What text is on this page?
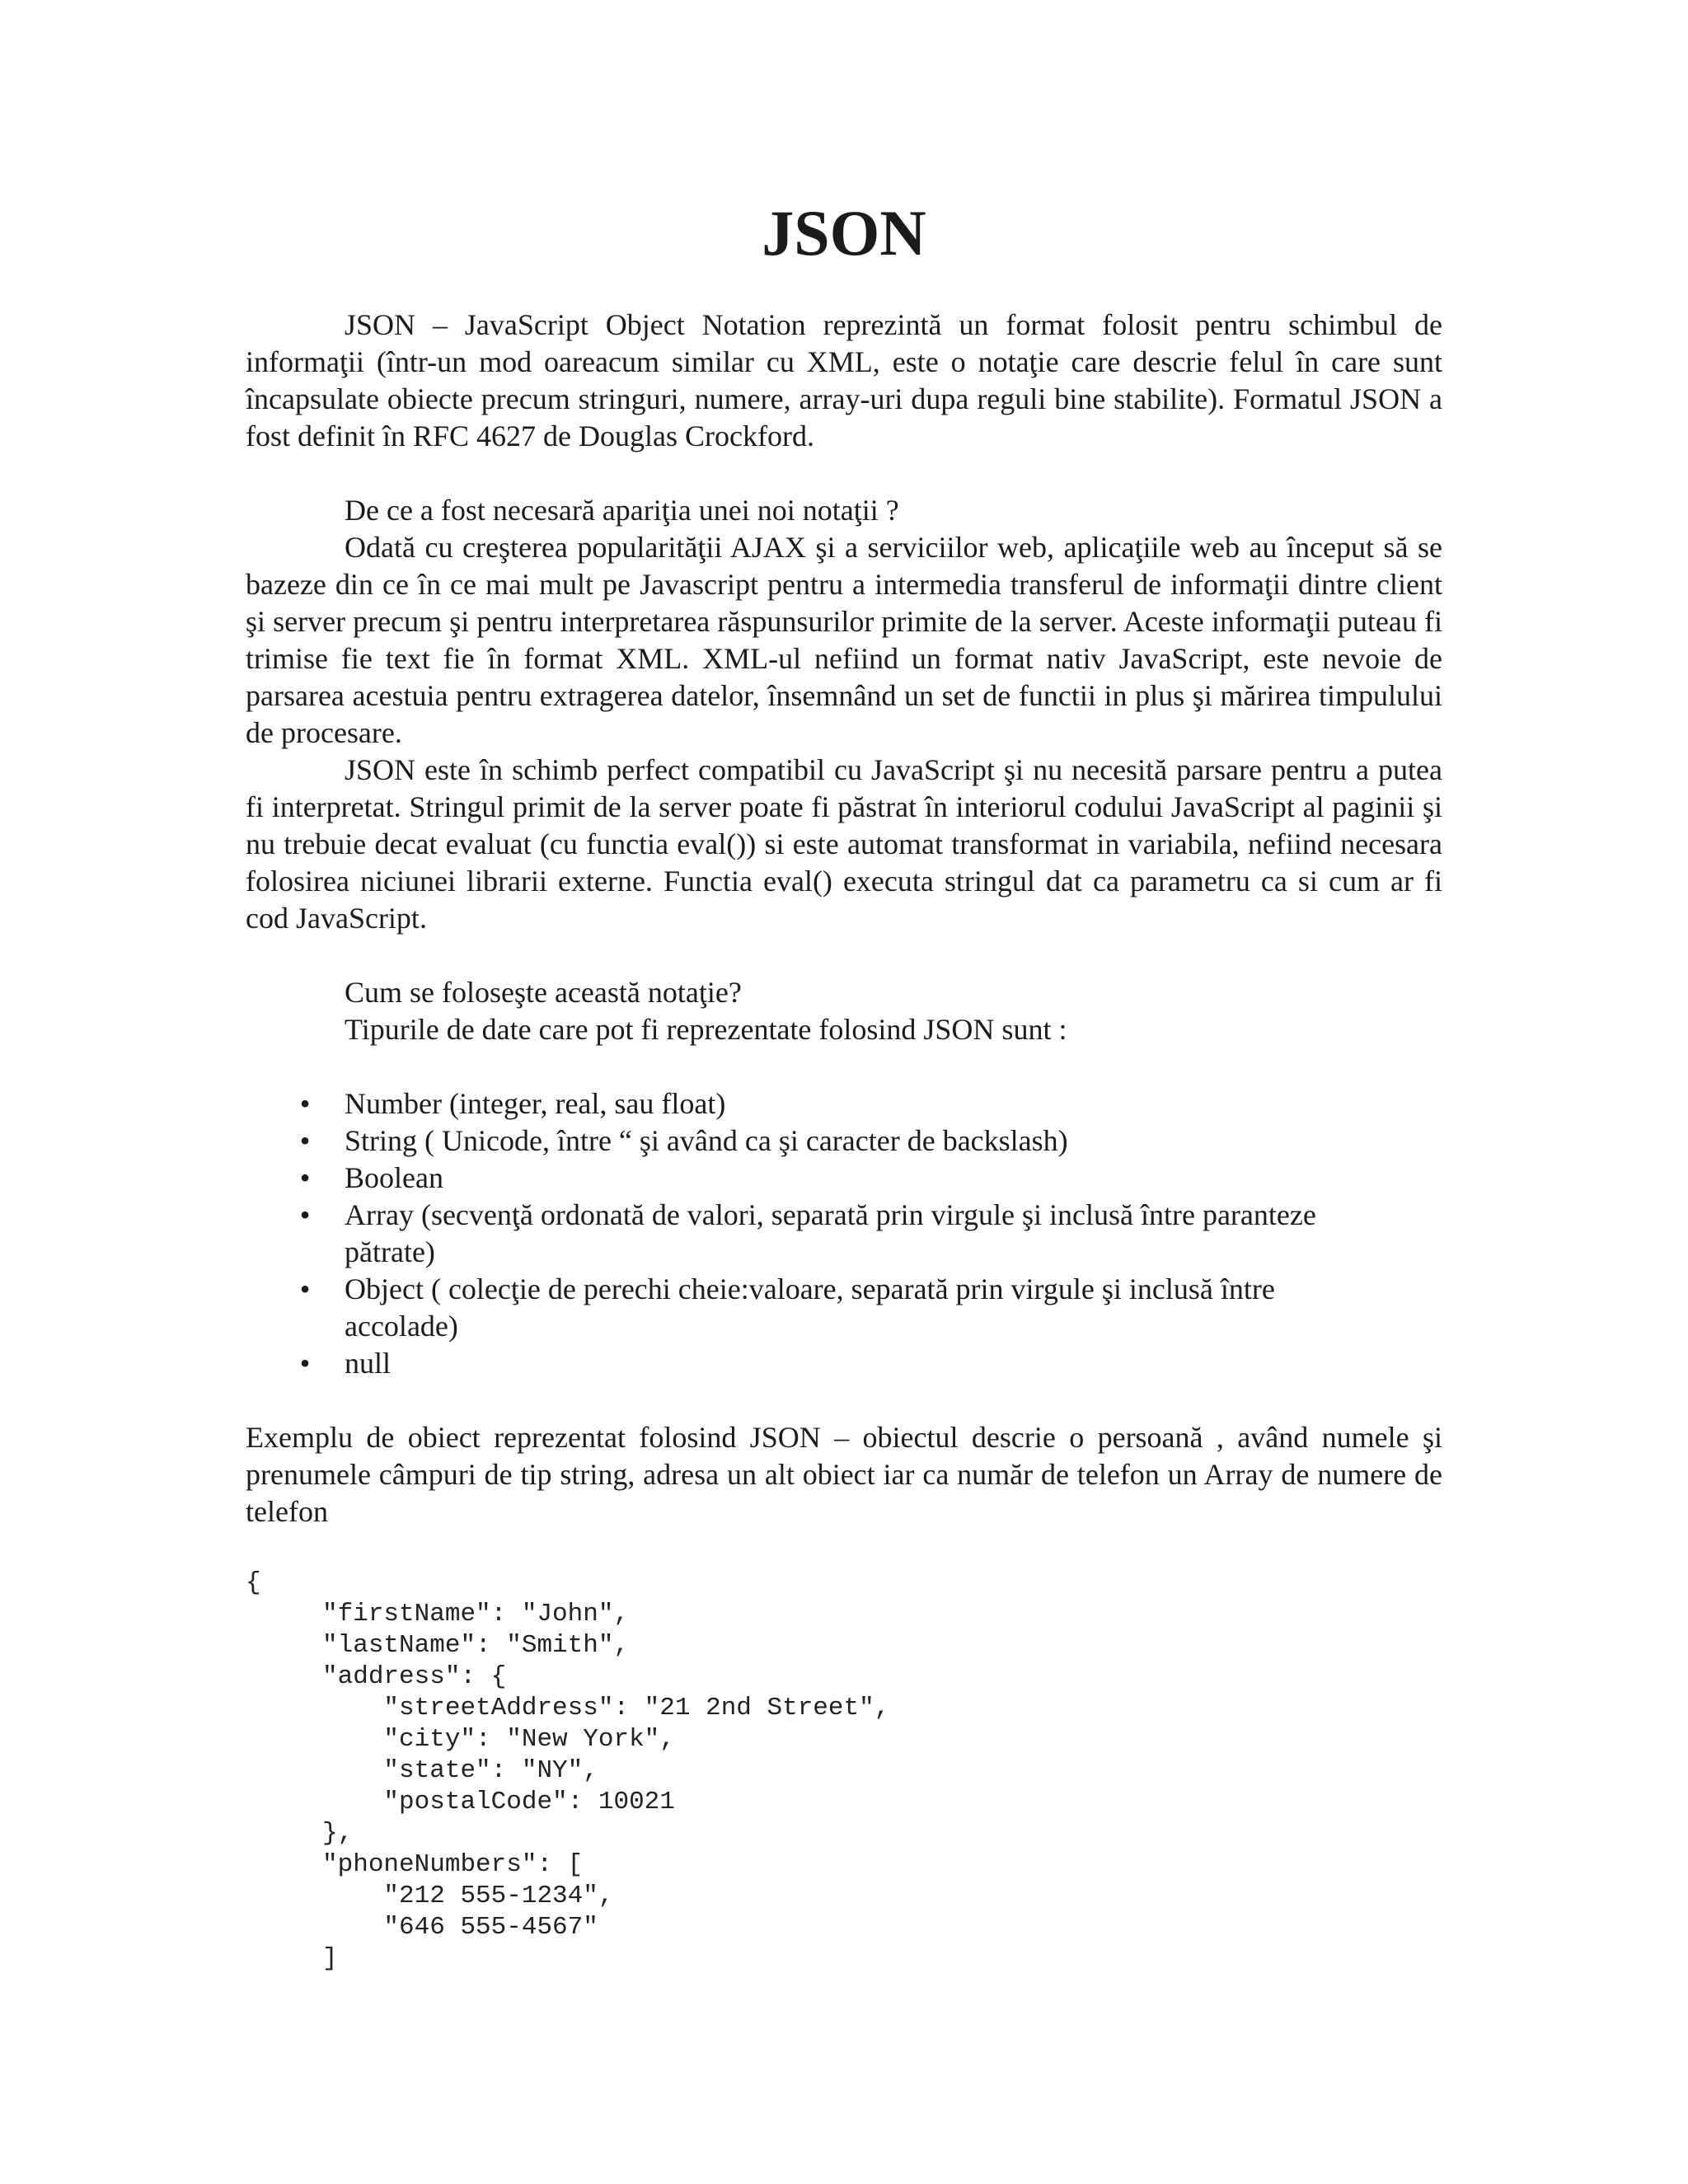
JSON

JSON – JavaScript Object Notation reprezintă un format folosit pentru schimbul de informaţii (într-un mod oareacum similar cu XML, este o notaţie care descrie felul în care sunt încapsulate obiecte precum stringuri, numere, array-uri dupa reguli bine stabilite). Formatul JSON a fost definit în RFC 4627 de Douglas Crockford.

De ce a fost necesară apariţia unei noi notaţii ?

Odată cu creşterea popularităţii AJAX şi a serviciilor web, aplicaţiile web au început să se bazeze din ce în ce mai mult pe Javascript pentru a intermedia transferul de informaţii dintre client şi server precum şi pentru interpretarea răspunsurilor primite de la server. Aceste informaţii puteau fi trimise fie text fie în format XML. XML-ul nefiind un format nativ JavaScript, este nevoie de parsarea acestuia pentru extragerea datelor, însemnând un set de functii in plus şi mărirea timpulului de procesare.

JSON este în schimb perfect compatibil cu JavaScript şi nu necesită parsare pentru a putea fi interpretat. Stringul primit de la server poate fi păstrat în interiorul codului JavaScript al paginii şi nu trebuie decat evaluat (cu functia eval()) si este automat transformat in variabila, nefiind necesara folosirea niciunei librarii externe. Functia eval() executa stringul dat ca parametru ca si cum ar fi cod JavaScript.

Cum se foloseşte această notaţie?

Tipurile de date care pot fi reprezentate folosind JSON sunt :

• Number (integer, real, sau float)
• String ( Unicode, între “ şi având ca şi caracter de backslash)
• Boolean
• Array (secvenţă ordonată de valori, separată prin virgule şi inclusă între paranteze pătrate)
• Object ( colecţie de perechi cheie:valoare, separată prin virgule şi inclusă între accolade)
• null

Exemplu de obiect reprezentat folosind JSON – obiectul descrie o persoană , având numele şi prenumele câmpuri de tip string, adresa un alt obiect iar ca număr de telefon un Array de numere de telefon

{
"firstName": "John",
"lastName": "Smith",
"address": {
"streetAddress": "21 2nd Street",
"city": "New York",
"state": "NY",
"postalCode": 10021
},
"phoneNumbers": [
"212 555-1234",
"646 555-4567"
]
